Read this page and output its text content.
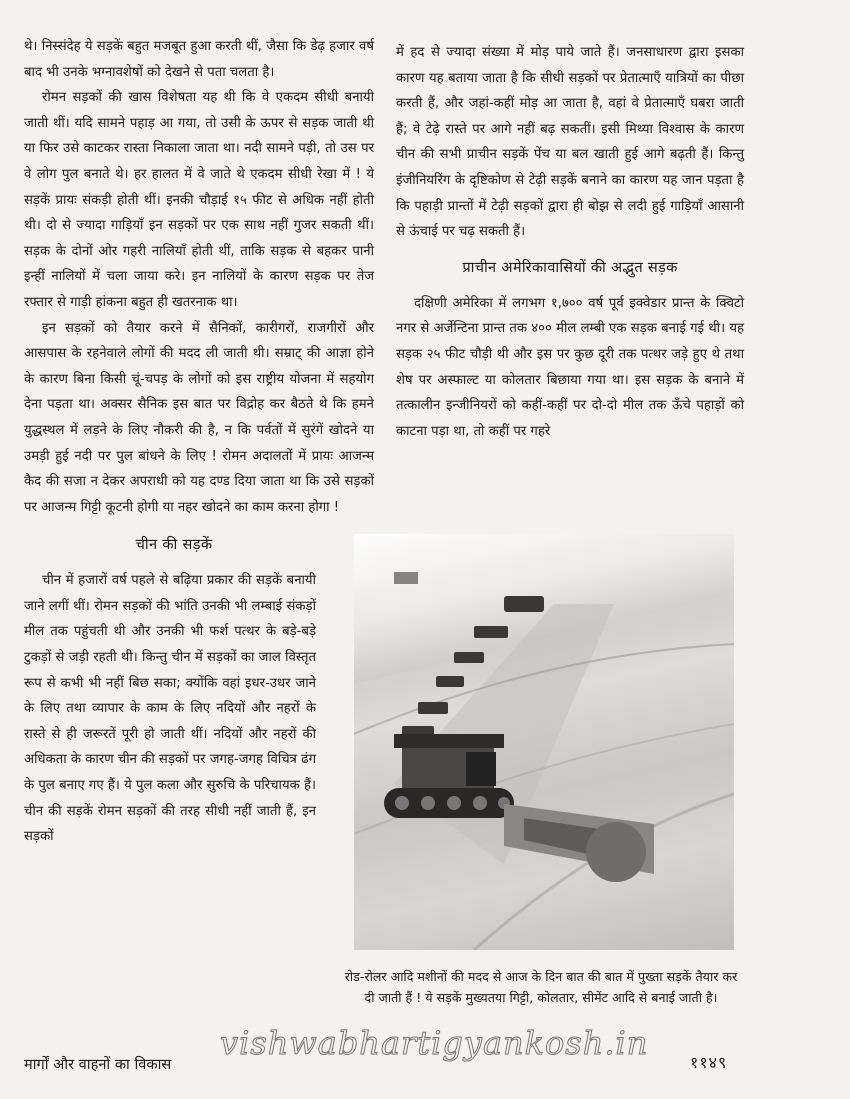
थे। निस्संदेह ये सड़कें बहुत मजबूत हुआ करती थीं, जैसा कि डेढ़ हजार वर्ष बाद भी उनके भग्नावशेषों को देखने से पता चलता है।

रोमन सड़कों की खास विशेषता यह थी कि वे एकदम सीधी बनायी जाती थीं। यदि सामने पहाड़ आ गया, तो उसी के ऊपर से सड़क जाती थी या फिर उसे काटकर रास्ता निकाला जाता था। नदी सामने पड़ी, तो उस पर वे लोग पुल बनाते थे। हर हालत में वे जाते थे एकदम सीधी रेखा में ! ये सड़कें प्रायः संकड़ी होती थीं। इनकी चौड़ाई १५ फीट से अधिक नहीं होती थी। दो से ज्यादा गाड़ियाँ इन सड़कों पर एक साथ नहीं गुजर सकती थीं। सड़क के दोनों ओर गहरी नालियाँ होती थीं, ताकि सड़क से बहकर पानी इन्हीं नालियों में चला जाया करे। इन नालियों के कारण सड़क पर तेज रफ्तार से गाड़ी हांकना बहुत ही खतरनाक था।

इन सड़कों को तैयार करने में सैनिकों, कारीगरों, राजगीरों और आसपास के रहनेवाले लोगों की मदद ली जाती थी। सम्राट् की आज्ञा होने के कारण बिना किसी चूं-चपड़ के लोगों को इस राष्ट्रीय योजना में सहयोग देना पड़ता था। अक्सर सैनिक इस बात पर विद्रोह कर बैठते थे कि हमने युद्धस्थल में लड़ने के लिए नौकरी की है, न कि पर्वतों में सुरंगें खोदने या उमड़ी हुई नदी पर पुल बांधने के लिए ! रोमन अदालतों में प्रायः आजन्म कैद की सजा न देकर अपराधी को यह दण्ड दिया जाता था कि उसे सड़कों पर आजन्म गिट्टी कूटनी होगी या नहर खोदने का काम करना होगा !

चीन की सड़कें

चीन में हजारों वर्ष पहले से बढ़िया प्रकार की सड़कें बनायी जाने लगीं थीं। रोमन सड़कों की भांति उनकी भी लम्बाई संकड़ों मील तक पहुंचती थी और उनकी भी फर्श पत्थर के बड़े-बड़े टुकड़ों से जड़ी रहती थी। किन्तु चीन में सड़कों का जाल विस्तृत रूप से कभी भी नहीं बिछ सका; क्योंकि वहां इधर-उधर जाने के लिए तथा व्यापार के काम के लिए नदियों और नहरों के रास्ते से ही जरूरतें पूरी हो जाती थीं। नदियों और नहरों की अधिकता के कारण चीन की सड़कों पर जगह-जगह विचित्र ढंग के पुल बनाए गए हैं। ये पुल कला और सुरुचि के परिचायक हैं। चीन की सड़कें रोमन सड़कों की तरह सीधी नहीं जाती हैं, इन सड़कों

में हद से ज्यादा संख्या में मोड़ पाये जाते हैं। जनसाधारण द्वारा इसका कारण यह बताया जाता है कि सीधी सड़कों पर प्रेतात्माएँ यात्रियों का पीछा करती हैं, और जहां-कहीं मोड़ आ जाता है, वहां वे प्रेतात्माएँ घबरा जाती हैं; वे टेढ़े रास्ते पर आगे नहीं बढ़ सकतीं। इसी मिथ्या विश्वास के कारण चीन की सभी प्राचीन सड़कें पेंच या बल खाती हुई आगे बढ़ती हैं। किन्तु इंजीनियरिंग के दृष्टिकोण से टेढ़ी सड़कें बनाने का कारण यह जान पड़ता है कि पहाड़ी प्रान्तों में टेढ़ी सड़कों द्वारा ही बोझ से लदी हुई गाड़ियाँ आसानी से ऊंचाई पर चढ़ सकती हैं।

प्राचीन अमेरिकावासियों की अद्भुत सड़क

दक्षिणी अमेरिका में लगभग १,७०० वर्ष पूर्व इक्वेडार प्रान्त के क्विटो नगर से अर्जेन्टिना प्रान्त तक ४०० मील लम्बी एक सड़क बनाई गई थी। यह सड़क २५ फीट चौड़ी थी और इस पर कुछ दूरी तक पत्थर जड़े हुए थे तथा शेष पर अस्फाल्ट या कोलतार बिछाया गया था। इस सड़क के बनाने में तत्कालीन इन्जीनियरों को कहीं-कहीं पर दो-दो मील तक ऊँचे पहाड़ों को काटना पड़ा था, तो कहीं पर गहरे

रोड-रोलर आदि मशीनों की मदद से आज के दिन बात की बात में पुख्ता सड़कें तैयार कर दी जाती हैं ! ये सड़कें मुख्यतया गिट्टी, कोलतार, सीमेंट आदि से बनाई जाती है।
vishwabhartigyankosh.in
मार्गों और वाहनों का विकास	११४९
